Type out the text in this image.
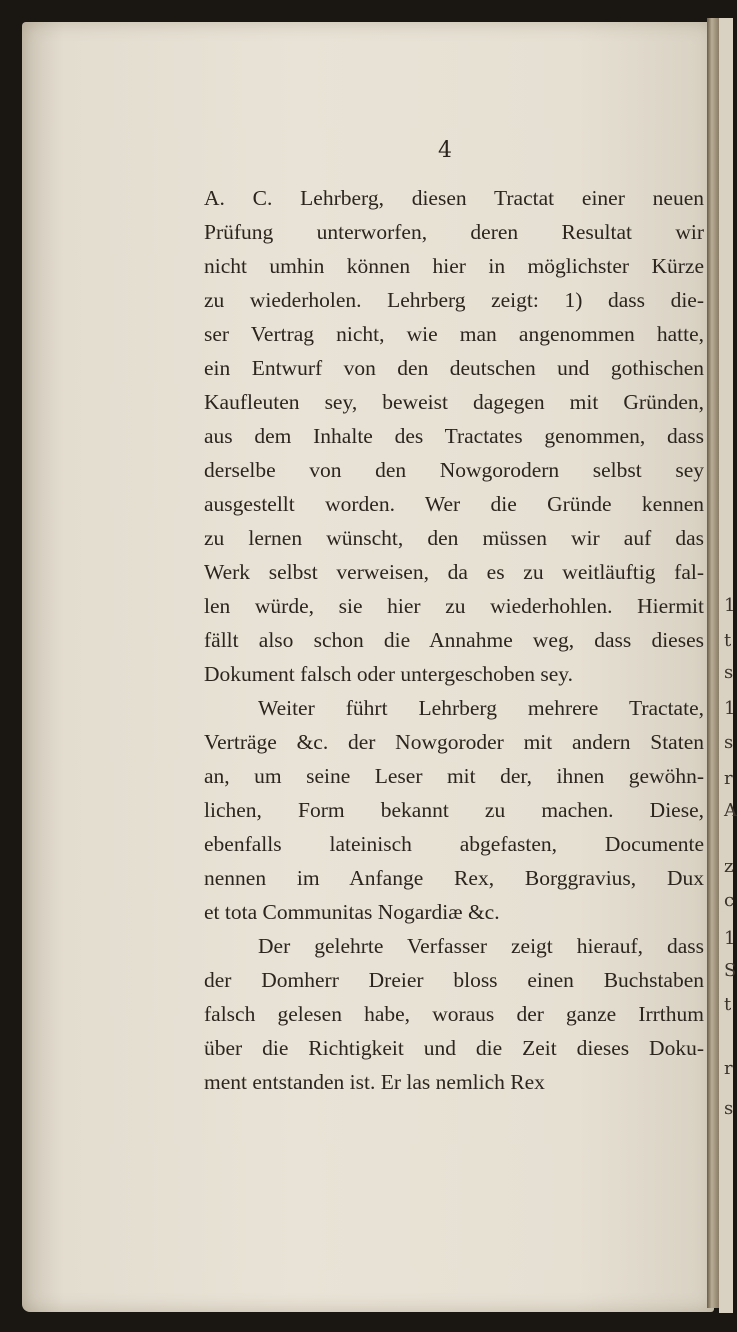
4
A. C. Lehrberg, diesen Tractat einer neuen
Prüfung unterworfen, deren Resultat wir
nicht umhin können hier in möglichster Kürze
zu wiederholen. Lehrberg zeigt: 1) dass die-
ser Vertrag nicht, wie man angenommen hatte,
ein Entwurf von den deutschen und gothischen
Kaufleuten sey, beweist dagegen mit Gründen,
aus dem Inhalte des Tractates genommen, dass
derselbe von den Nowgorodern selbst sey
ausgestellt worden. Wer die Gründe kennen
zu lernen wünscht, den müssen wir auf das
Werk selbst verweisen, da es zu weitläuftig fal-
len würde, sie hier zu wiederhohlen. Hiermit
fällt also schon die Annahme weg, dass dieses
Dokument falsch oder untergeschoben sey.
Weiter führt Lehrberg mehrere Tractate,
Verträge &c. der Nowgoroder mit andern Staten
an, um seine Leser mit der, ihnen gewöhn-
lichen, Form bekannt zu machen. Diese,
ebenfalls lateinisch abgefasten, Documente
nennen im Anfange Rex, Borggravius, Dux
et tota Communitas Nogardiæ &c.
Der gelehrte Verfasser zeigt hierauf, dass
der Domherr Dreier bloss einen Buchstaben
falsch gelesen habe, woraus der ganze Irrthum
über die Richtigkeit und die Zeit dieses Doku-
ment entstanden ist. Er las nemlich Rex
1
t
s
1
s
r
A
z
c
1
S
t
r
s
